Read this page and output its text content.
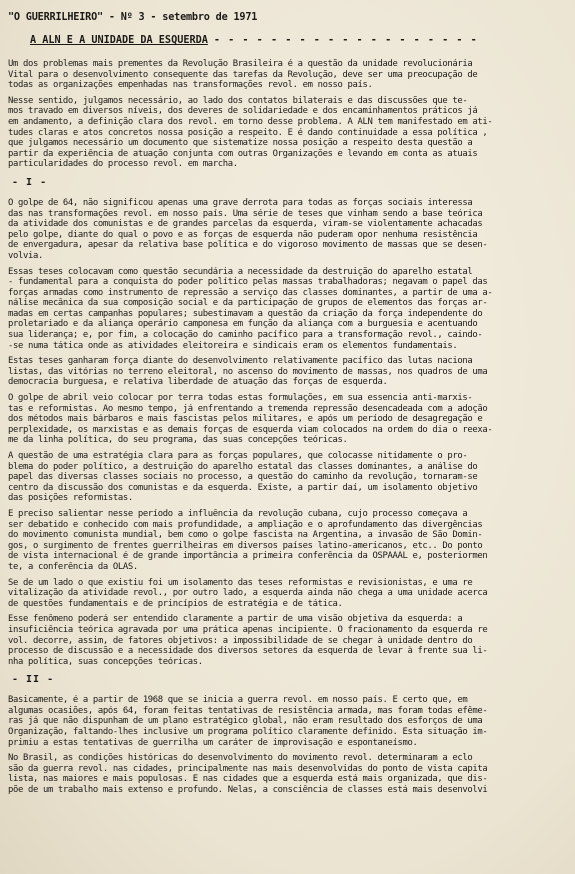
"O GUERRILHEIRO" - Nº 3 - setembro de 1971
A ALN E A UNIDADE DA ESQUERDA - - - - - - - - - - - - - - - - - - -
Um dos problemas mais prementes da Revolução Brasileira é a questão da unidade revolucionária
Vital para o desenvolvimento consequente das tarefas da Revolução, deve ser uma preocupação de
todas as organizações empenhadas nas transformações revol. em nosso país.
Nesse sentido, julgamos necessário, ao lado dos contatos bilaterais e das discussões que te-
mos travado em diversos níveis, dos deveres de solidariedade e dos encaminhamentos práticos já
em andamento, a definição clara dos revol. em torno desse problema. A ALN tem manifestado em ati-
tudes claras e atos concretos nossa posição a respeito. E é dando continuidade a essa política ,
que julgamos necessário um documento que sistematize nossa posição a respeito desta questão a
partir da experiência de atuação conjunta com outras Organizações e levando em conta as atuais
particularidades do processo revol. em marcha.
- I -
O golpe de 64, não significou apenas uma grave derrota para todas as forças sociais interessa
das nas transformações revol. em nosso país. Uma série de teses que vinham sendo a base teórica
da atividade dos comunistas e de grandes parcelas da esquerda, viram-se violentamente achacadas
pelo golpe, diante do qual o povo e as forças de esquerda não puderam opor nenhuma resistência
de envergadura, apesar da relativa base política e do vigoroso movimento de massas que se desen-
volvia.
Essas teses colocavam como questão secundária a necessidade da destruição do aparelho estatal
- fundamental para a conquista do poder político pelas massas trabalhadoras; negavam o papel das
forças armadas como instrumento de repressão a serviço das classes dominantes, a partir de uma a-
nálise mecânica da sua composição social e da participação de grupos de elementos das forças ar-
madas em certas campanhas populares; subestimavam a questão da criação da força independente do
proletariado e da aliança operário camponesa em função da aliança com a burguesia e acentuando
sua liderança; e, por fim, a colocação do caminho pacífico para a transformação revol., caindo-
-se numa tática onde as atividades eleitoreira e sindicais eram os elementos fundamentais.
Estas teses ganharam força diante do desenvolvimento relativamente pacífico das lutas naciona
listas, das vitórias no terreno eleitoral, no ascenso do movimento de massas, nos quadros de uma
democracia burguesa, e relativa liberdade de atuação das forças de esquerda.
O golpe de abril veio colocar por terra todas estas formulações, em sua essencia anti-marxis-
tas e reformistas. Ao mesmo tempo, já enfrentando a tremenda repressão desencadeada com a adoção
dos métodos mais bárbaros e mais fascistas pelos militares, e após um período de desagregação e
perplexidade, os marxistas e as demais forças de esquerda viam colocados na ordem do dia o reexa-
me da linha política, do seu programa, das suas concepções teóricas.
A questão de uma estratégia clara para as forças populares, que colocasse nitidamente o pro-
blema do poder político, a destruição do aparelho estatal das classes dominantes, a análise do
papel das diversas classes sociais no processo, a questão do caminho da revolução, tornaram-se
centro da discussão dos comunistas e da esquerda. Existe, a partir daí, um isolamento objetivo
das posições reformistas.
É preciso salientar nesse período a influência da revolução cubana, cujo processo começava a
ser debatido e conhecido com mais profundidade, a ampliação e o aprofundamento das divergências
do movimento comunista mundial, bem como o golpe fascista na Argentina, a invasão de São Domin-
gos, o surgimento de frentes guerrilheiras em diversos países latino-americanos, etc.. Do ponto
de vista internacional é de grande importância a primeira conferência da OSPAAAL e, posteriormen
te, a conferência da OLAS.
Se de um lado o que existiu foi um isolamento das teses reformistas e revisionistas, e uma re
vitalização da atividade revol., por outro lado, a esquerda ainda não chega a uma unidade acerca
de questões fundamentais e de princípios de estratégia e de tática.
Esse fenômeno poderá ser entendido claramente a partir de uma visão objetiva da esquerda: a
insuficiência teórica agravada por uma prática apenas incipiente. O fracionamento da esquerda re
vol. decorre, assim, de fatores objetivos: a impossibilidade de se chegar à unidade dentro do
processo de discussão e a necessidade dos diversos setores da esquerda de levar à frente sua li-
nha política, suas concepções teóricas.
- II -
Basicamente, é a partir de 1968 que se inicia a guerra revol. em nosso país. É certo que, em
algumas ocasiões, após 64, foram feitas tentativas de resistência armada, mas foram todas efême-
ras já que não dispunham de um plano estratégico global, não eram resultado dos esforços de uma
Organização, faltando-lhes inclusive um programa político claramente definido. Esta situação im-
primiu a estas tentativas de guerrilha um caráter de improvisação e espontaneísmo.
No Brasil, as condições históricas do desenvolvimento do movimento revol. determinaram a eclo
são da guerra revol. nas cidades, principalmente nas mais desenvolvidas do ponto de vista capita
lista, nas maiores e mais populosas. É nas cidades que a esquerda está mais organizada, que dis-
põe de um trabalho mais extenso e profundo. Nelas, a consciência de classes está mais desenvolvi
